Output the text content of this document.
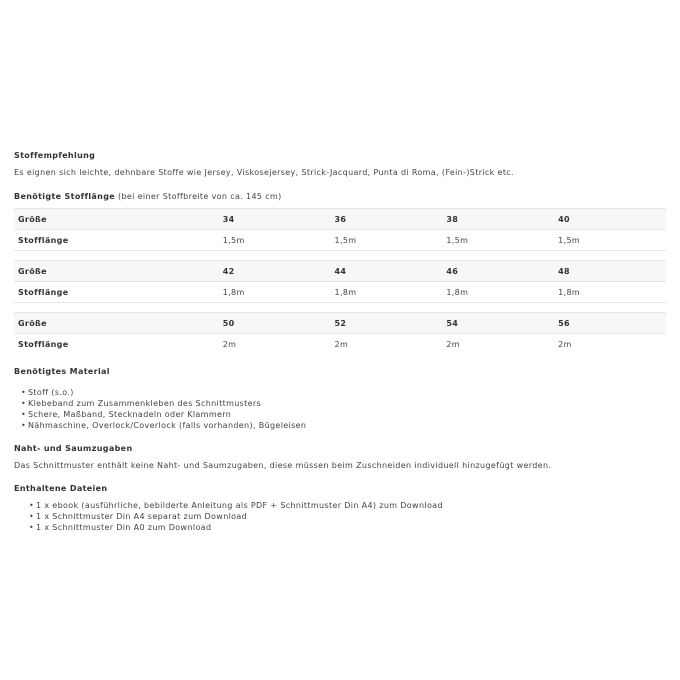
Stoffempfehlung
Es eignen sich leichte, dehnbare Stoffe wie Jersey, Viskosejersey, Strick-Jacquard, Punta di Roma, (Fein-)Strick etc.
Benötigte Stofflänge (bei einer Stoffbreite von ca. 145 cm)
Größe	34	36	38	40
Stofflänge	1,5m	1,5m	1,5m	1,5m

Größe	42	44	46	48
Stofflänge	1,8m	1,8m	1,8m	1,8m

Größe	50	52	54	56
Stofflänge	2m	2m	2m	2m
Benötigtes Material
• Stoff (s.o.)
• Klebeband zum Zusammenkleben des Schnittmusters
• Schere, Maßband, Stecknadeln oder Klammern
• Nähmaschine, Overlock/Coverlock (falls vorhanden), Bügeleisen
Naht- und Saumzugaben
Das Schnittmuster enthält keine Naht- und Saumzugaben, diese müssen beim Zuschneiden individuell hinzugefügt werden.
Enthaltene Dateien
• 1 x ebook (ausführliche, bebilderte Anleitung als PDF + Schnittmuster Din A4) zum Download
• 1 x Schnittmuster Din A4 separat zum Download
• 1 x Schnittmuster Din A0 zum Download
